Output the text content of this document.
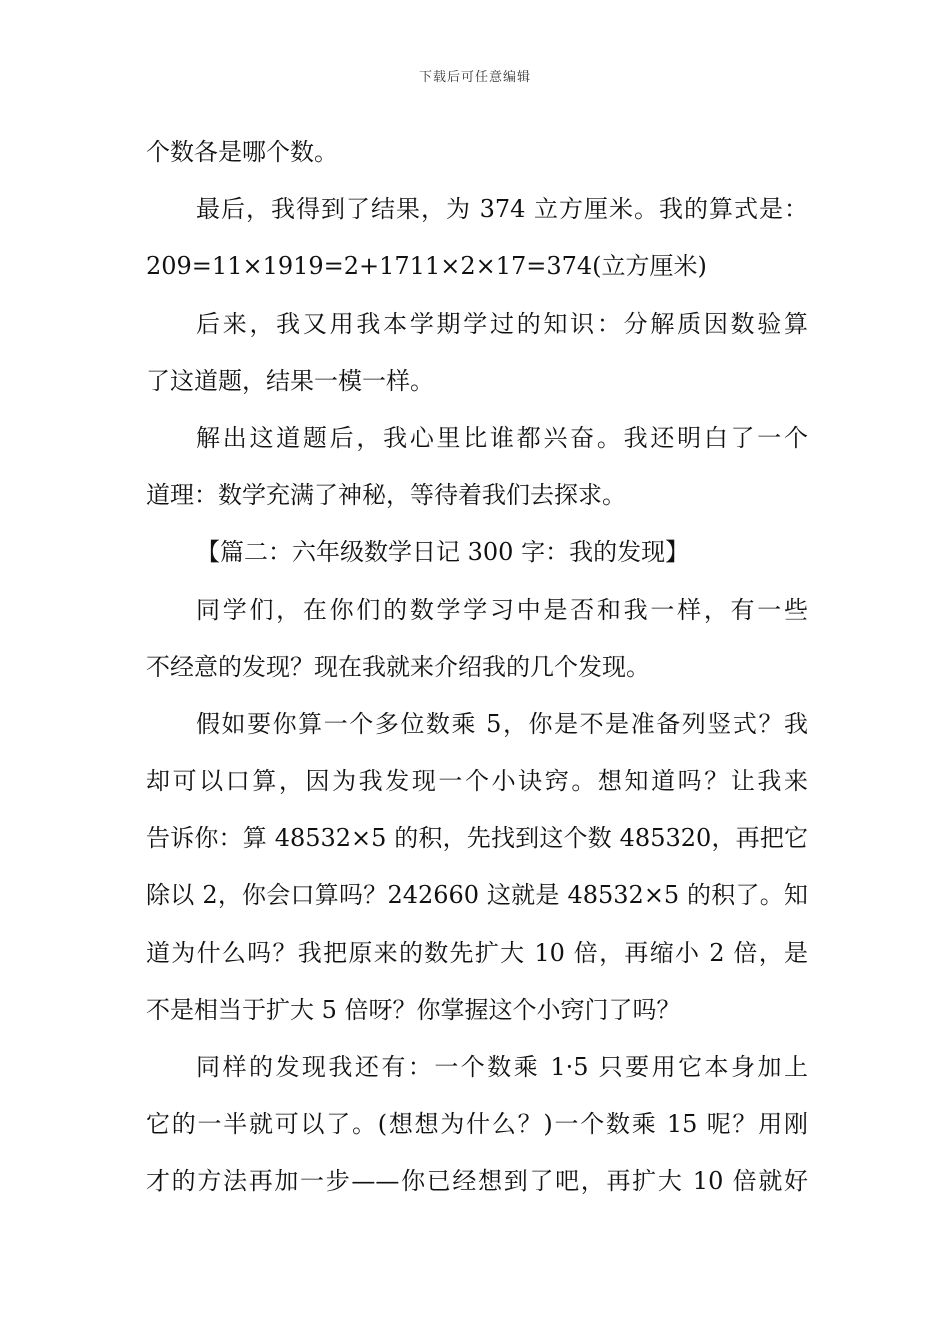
下载后可任意编辑
个数各是哪个数。
最后，我得到了结果，为 374 立方厘米。我的算式是：
209=11×1919=2+1711×2×17=374(立方厘米)
后来，我又用我本学期学过的知识：分解质因数验算
了这道题，结果一模一样。
解出这道题后，我心里比谁都兴奋。我还明白了一个
道理：数学充满了神秘，等待着我们去探求。
【篇二：六年级数学日记 300 字：我的发现】
同学们，在你们的数学学习中是否和我一样，有一些
不经意的发现？现在我就来介绍我的几个发现。
假如要你算一个多位数乘 5，你是不是准备列竖式？我
却可以口算，因为我发现一个小诀窍。想知道吗？让我来
告诉你：算 48532×5 的积，先找到这个数 485320，再把它
除以 2，你会口算吗？242660 这就是 48532×5 的积了。知
道为什么吗？我把原来的数先扩大 10 倍，再缩小 2 倍，是
不是相当于扩大 5 倍呀？你掌握这个小窍门了吗？
同样的发现我还有：一个数乘 1·5 只要用它本身加上
它的一半就可以了。(想想为什么？)一个数乘 15 呢？用刚
才的方法再加一步——你已经想到了吧，再扩大 10 倍就好
